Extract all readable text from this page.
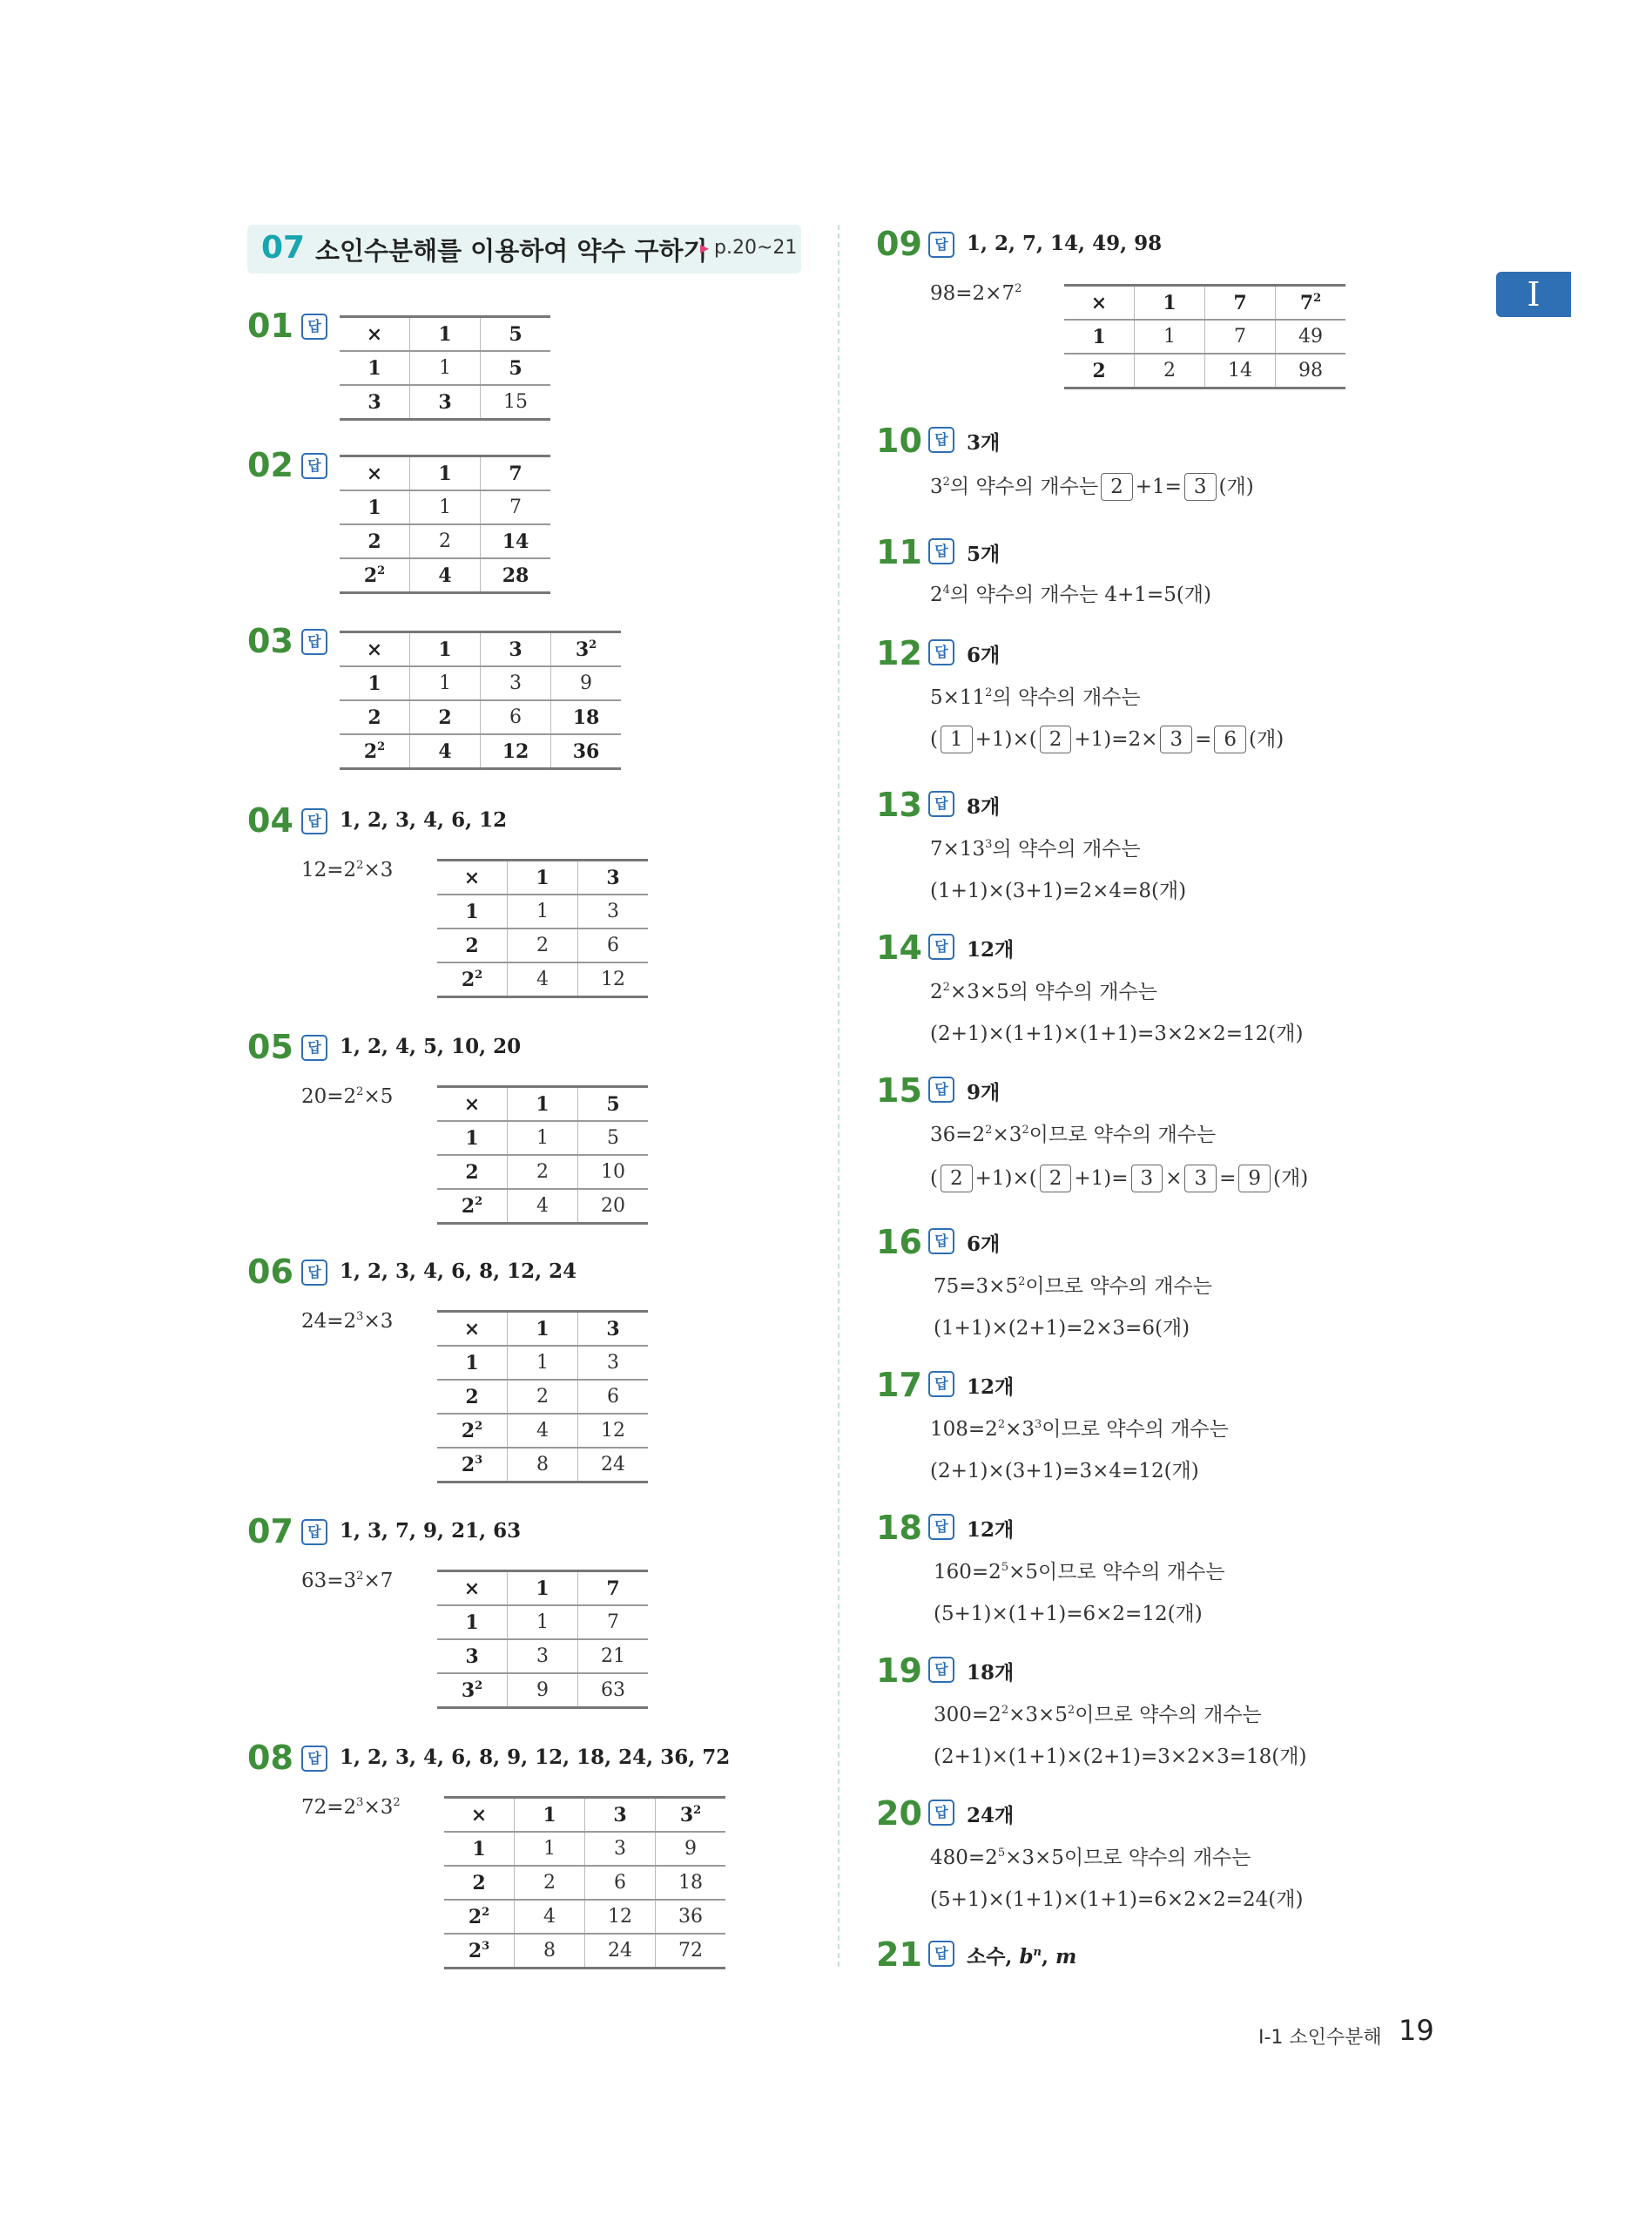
07 소인수분해를 이용하여 약수 구하기 ▸ p.20~21
I
01	답	×	1	5
1	1	5
3	3	15
02	답	×	1	7
1	1	7
2	2	14
$2^2$	4	28
03	답	×	1	3	$3^2$
1	1	3	9
2	2	6	18
$2^2$	4	12	36
04	답 1, 2, 3, 4, 6, 12
$12=2^2\times 3$	×	1	3
1	1	3
2	2	6
$2^2$	4	12
05	답 1, 2, 4, 5, 10, 20
$20=2^2\times 5$	×	1	5
1	1	5
2	2	10
$2^2$	4	20
06	답 1, 2, 3, 4, 6, 8, 12, 24
$24=2^3\times 3$	×	1	3
1	1	3
2	2	6
$2^2$	4	12
$2^3$	8	24
07	답 1, 3, 7, 9, 21, 63
$63=3^2\times 7$	×	1	7
1	1	7
3	3	21
$3^2$	9	63
08	답 1, 2, 3, 4, 6, 8, 9, 12, 18, 24, 36, 72
$72=2^3\times 3^2$
×	1	3	$3^2$
1	1	3	9
2	2	6	18
$2^2$	4	12	36
$2^3$	8	24	72
09 답 1, 2, 7, 14, 49, 98
$98=2\times 7^2$
×	1	7	$7^2$
1	1	7	49
2	2	14	98
10 답 3개
$3^2$의 약수의 개수는 2 +1= 3 (개)
11 답 5개
$2^4$의 약수의 개수는 4+1=5(개)
12 답 6개
$5\times 11^2$의 약수의 개수는
( 1 +1)×( 2 +1)=2× 3 = 6 (개)
13 답 8개
$7\times 13^3$의 약수의 개수는
(1+1)×(3+1)=2×4=8(개)
14 답 12개
$2^2\times 3\times 5$의 약수의 개수는
(2+1)×(1+1)×(1+1)=3×2×2=12(개)
15 답 9개
$36=2^2\times 3^2$이므로 약수의 개수는
( 2 +1)×( 2 +1)= 3 × 3 = 9 (개)
16 답 6개
$75=3\times 5^2$이므로 약수의 개수는
(1+1)×(2+1)=2×3=6(개)
17 답 12개
$108=2^2\times 3^3$이므로 약수의 개수는
(2+1)×(3+1)=3×4=12(개)
18 답 12개
$160=2^5\times 5$이므로 약수의 개수는
(5+1)×(1+1)=6×2=12(개)
19 답 18개
$300=2^2\times 3\times 5^2$이므로 약수의 개수는
(2+1)×(1+1)×(2+1)=3×2×3=18(개)
20 답 24개
$480=2^5\times 3\times 5$이므로 약수의 개수는
(5+1)×(1+1)×(1+1)=6×2×2=24(개)
21 답 소수, $b^n$, m
Ⅰ-1 소인수분해 19
